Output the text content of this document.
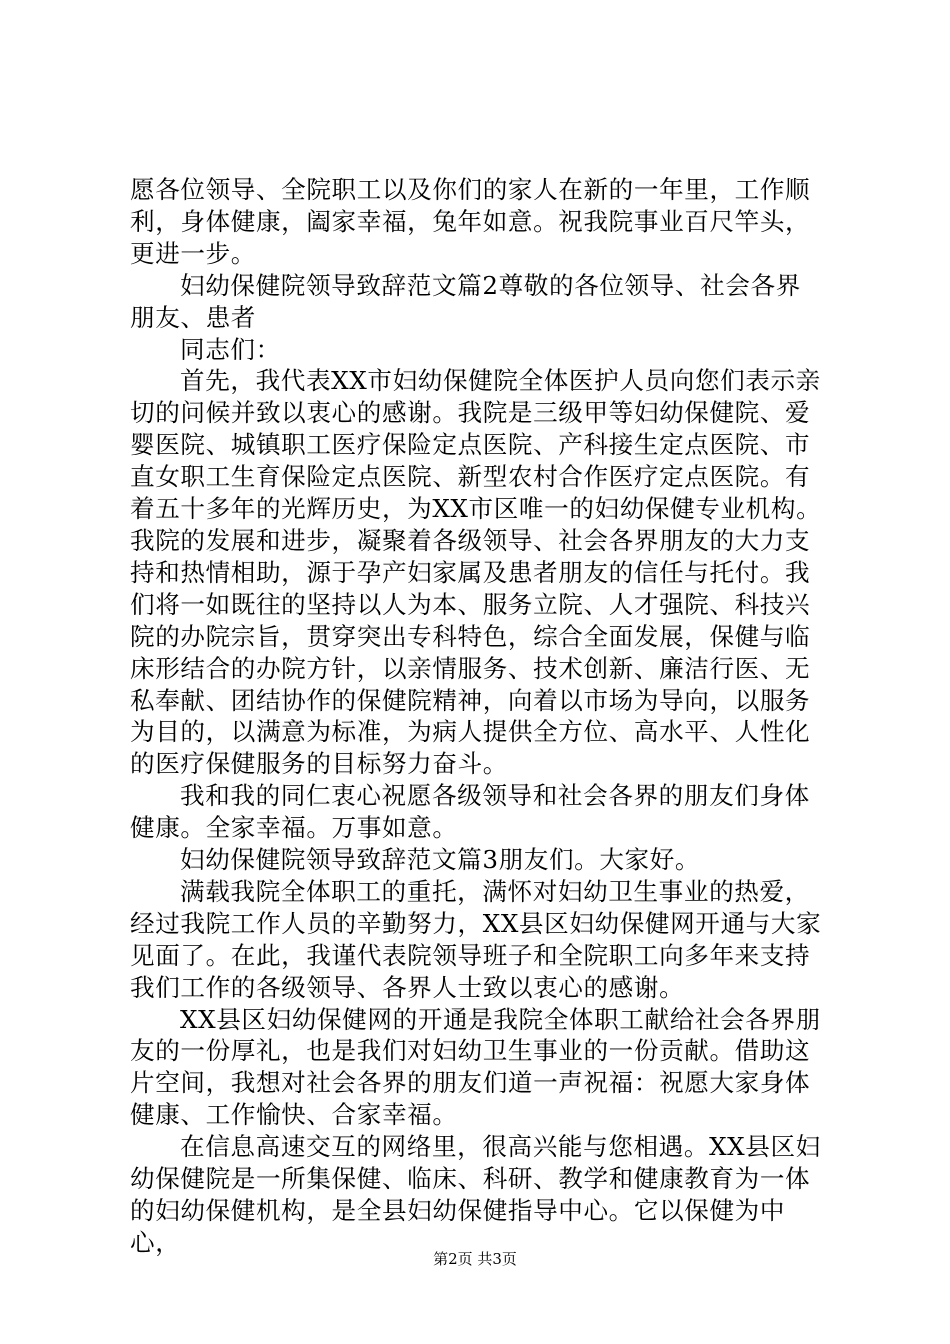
愿各位领导、全院职工以及你们的家人在新的一年里，工作顺利，身体健康，阖家幸福，兔年如意。祝我院事业百尺竿头，更进一步。

妇幼保健院领导致辞范文篇2尊敬的各位领导、社会各界朋友、患者

同志们：

首先，我代表XX市妇幼保健院全体医护人员向您们表示亲切的问候并致以衷心的感谢。我院是三级甲等妇幼保健院、爱婴医院、城镇职工医疗保险定点医院、产科接生定点医院、市直女职工生育保险定点医院、新型农村合作医疗定点医院。有着五十多年的光辉历史，为XX市区唯一的妇幼保健专业机构。我院的发展和进步，凝聚着各级领导、社会各界朋友的大力支持和热情相助，源于孕产妇家属及患者朋友的信任与托付。我们将一如既往的坚持以人为本、服务立院、人才强院、科技兴院的办院宗旨，贯穿突出专科特色，综合全面发展，保健与临床形结合的办院方针，以亲情服务、技术创新、廉洁行医、无私奉献、团结协作的保健院精神，向着以市场为导向，以服务为目的，以满意为标准，为病人提供全方位、高水平、人性化的医疗保健服务的目标努力奋斗。

我和我的同仁衷心祝愿各级领导和社会各界的朋友们身体健康。全家幸福。万事如意。

妇幼保健院领导致辞范文篇3朋友们。大家好。

满载我院全体职工的重托，满怀对妇幼卫生事业的热爱，经过我院工作人员的辛勤努力，XX县区妇幼保健网开通与大家见面了。在此，我谨代表院领导班子和全院职工向多年来支持我们工作的各级领导、各界人士致以衷心的感谢。

XX县区妇幼保健网的开通是我院全体职工献给社会各界朋友的一份厚礼，也是我们对妇幼卫生事业的一份贡献。借助这片空间，我想对社会各界的朋友们道一声祝福：祝愿大家身体健康、工作愉快、合家幸福。

在信息高速交互的网络里，很高兴能与您相遇。XX县区妇幼保健院是一所集保健、临床、科研、教学和健康教育为一体的妇幼保健机构，是全县妇幼保健指导中心。它以保健为中心，

第2页 共3页
